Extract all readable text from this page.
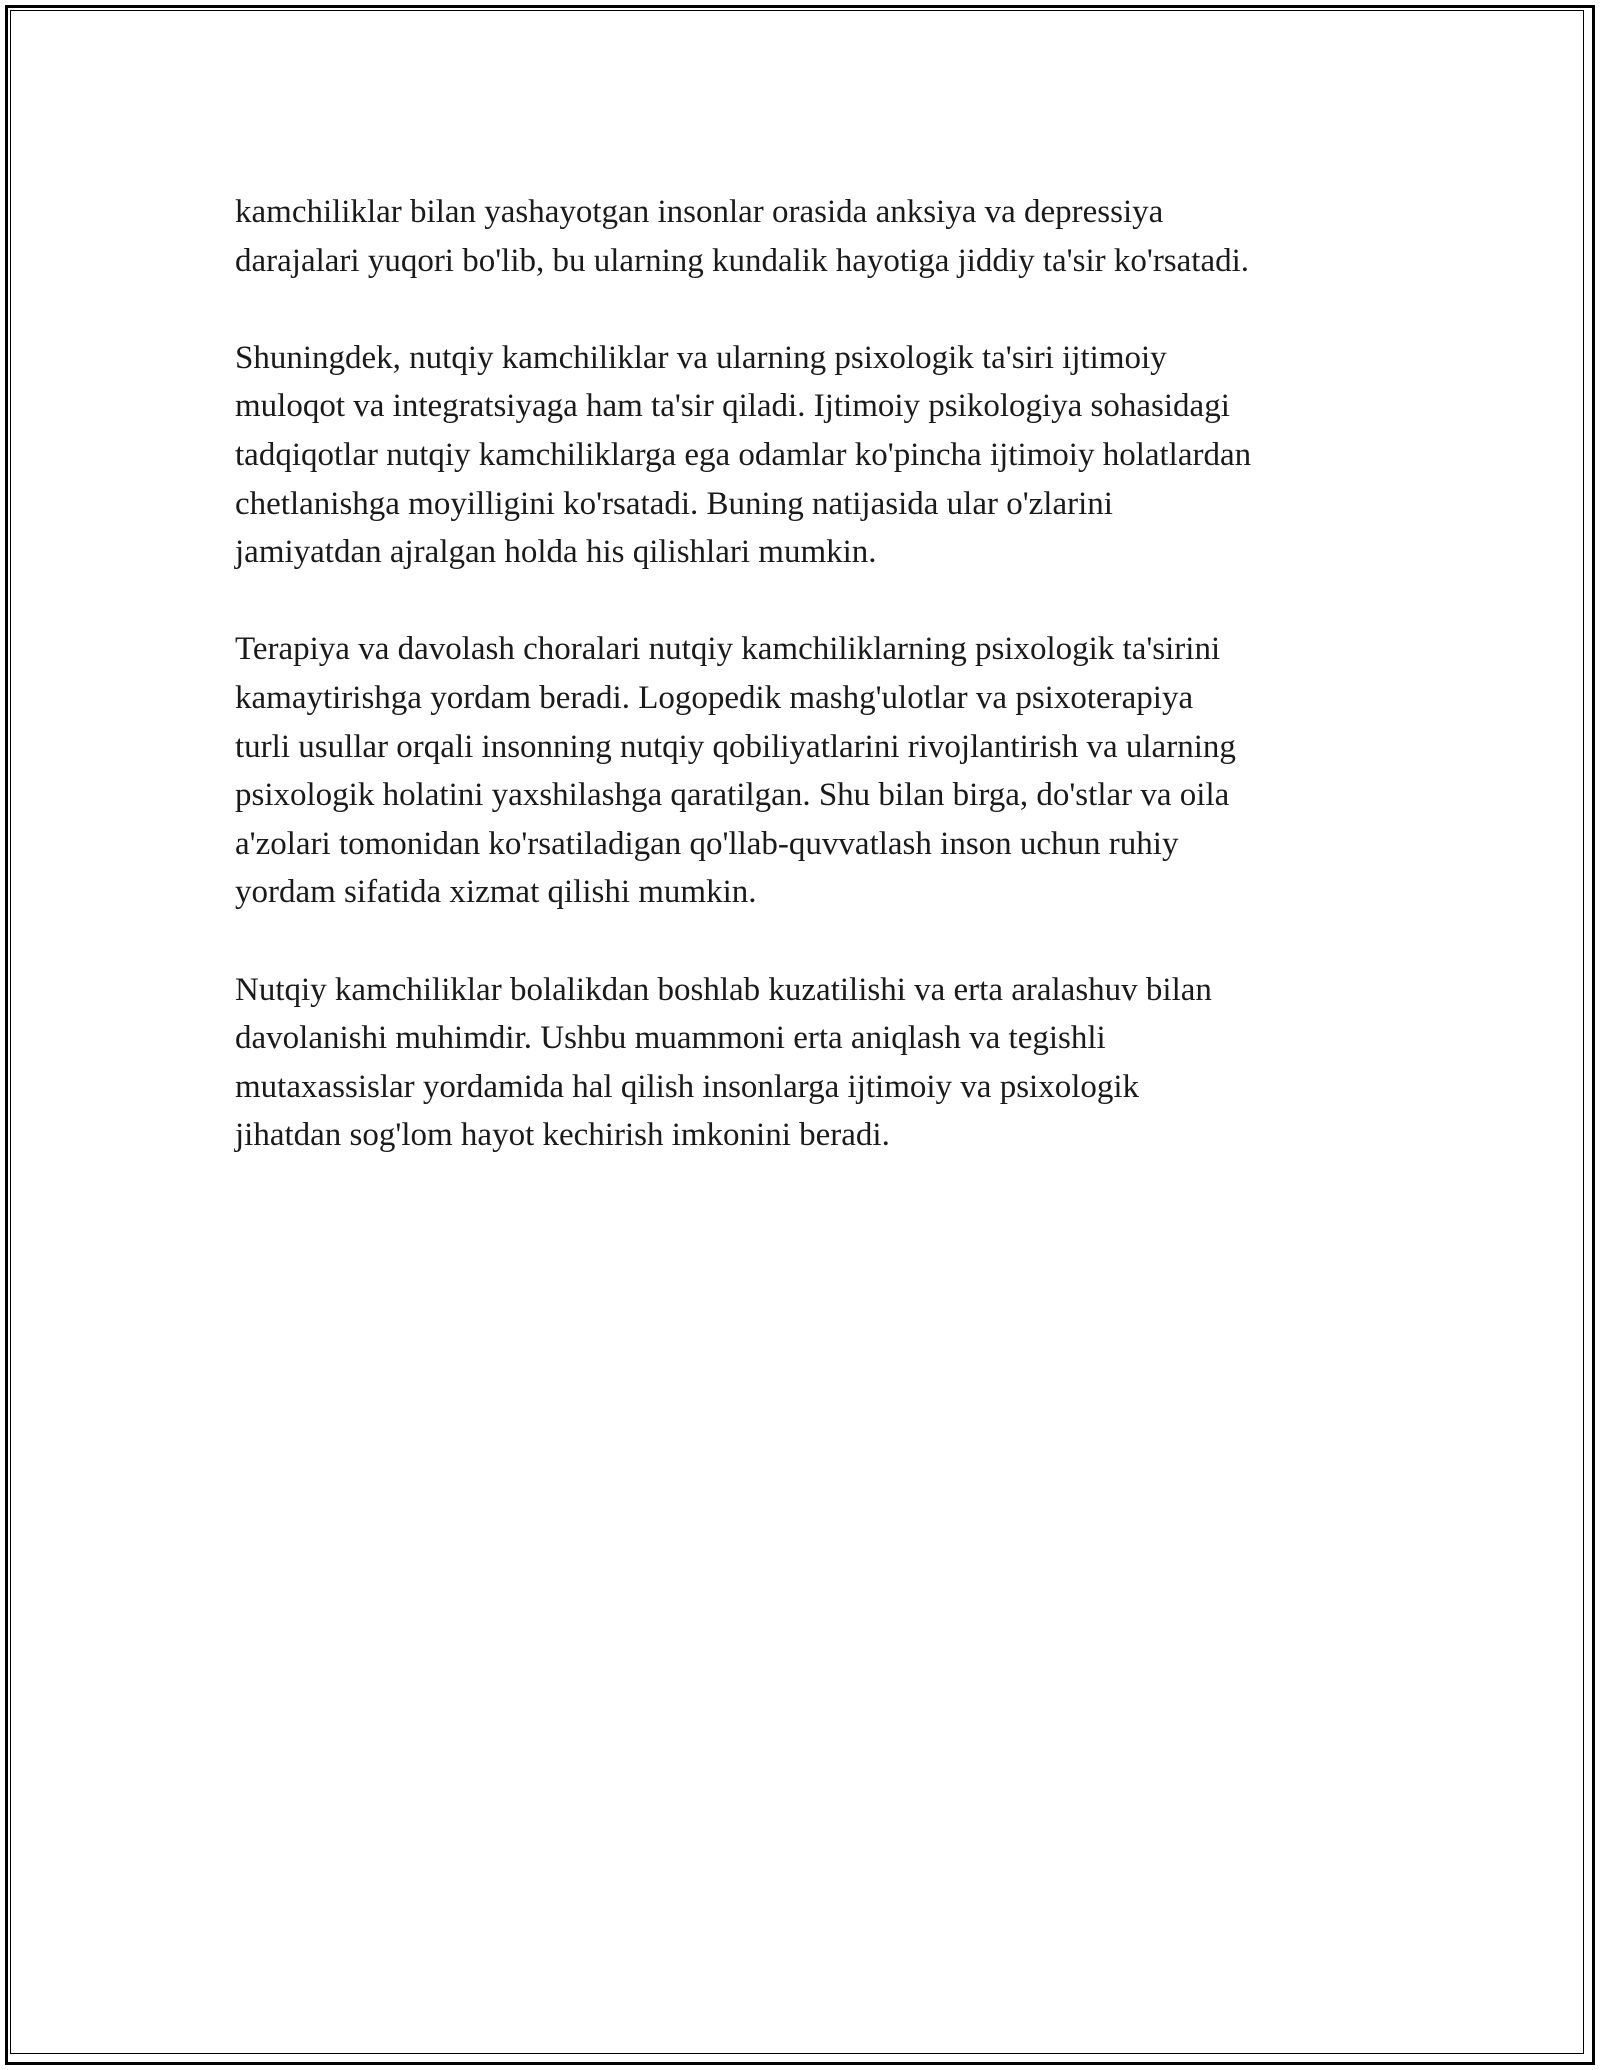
kamchiliklar bilan yashayotgan insonlar orasida anksiya va depressiya
darajalari yuqori bo'lib, bu ularning kundalik hayotiga jiddiy ta'sir ko'rsatadi.

Shuningdek, nutqiy kamchiliklar va ularning psixologik ta'siri ijtimoiy
muloqot va integratsiyaga ham ta'sir qiladi. Ijtimoiy psikologiya sohasidagi
tadqiqotlar nutqiy kamchiliklarga ega odamlar ko'pincha ijtimoiy holatlardan
chetlanishga moyilligini ko'rsatadi. Buning natijasida ular o'zlarini
jamiyatdan ajralgan holda his qilishlari mumkin.

Terapiya va davolash choralari nutqiy kamchiliklarning psixologik ta'sirini
kamaytirishga yordam beradi. Logopedik mashg'ulotlar va psixoterapiya
turli usullar orqali insonning nutqiy qobiliyatlarini rivojlantirish va ularning
psixologik holatini yaxshilashga qaratilgan. Shu bilan birga, do'stlar va oila
a'zolari tomonidan ko'rsatiladigan qo'llab-quvvatlash inson uchun ruhiy
yordam sifatida xizmat qilishi mumkin.

Nutqiy kamchiliklar bolalikdan boshlab kuzatilishi va erta aralashuv bilan
davolanishi muhimdir. Ushbu muammoni erta aniqlash va tegishli
mutaxassislar yordamida hal qilish insonlarga ijtimoiy va psixologik
jihatdan sog'lom hayot kechirish imkonini beradi.
